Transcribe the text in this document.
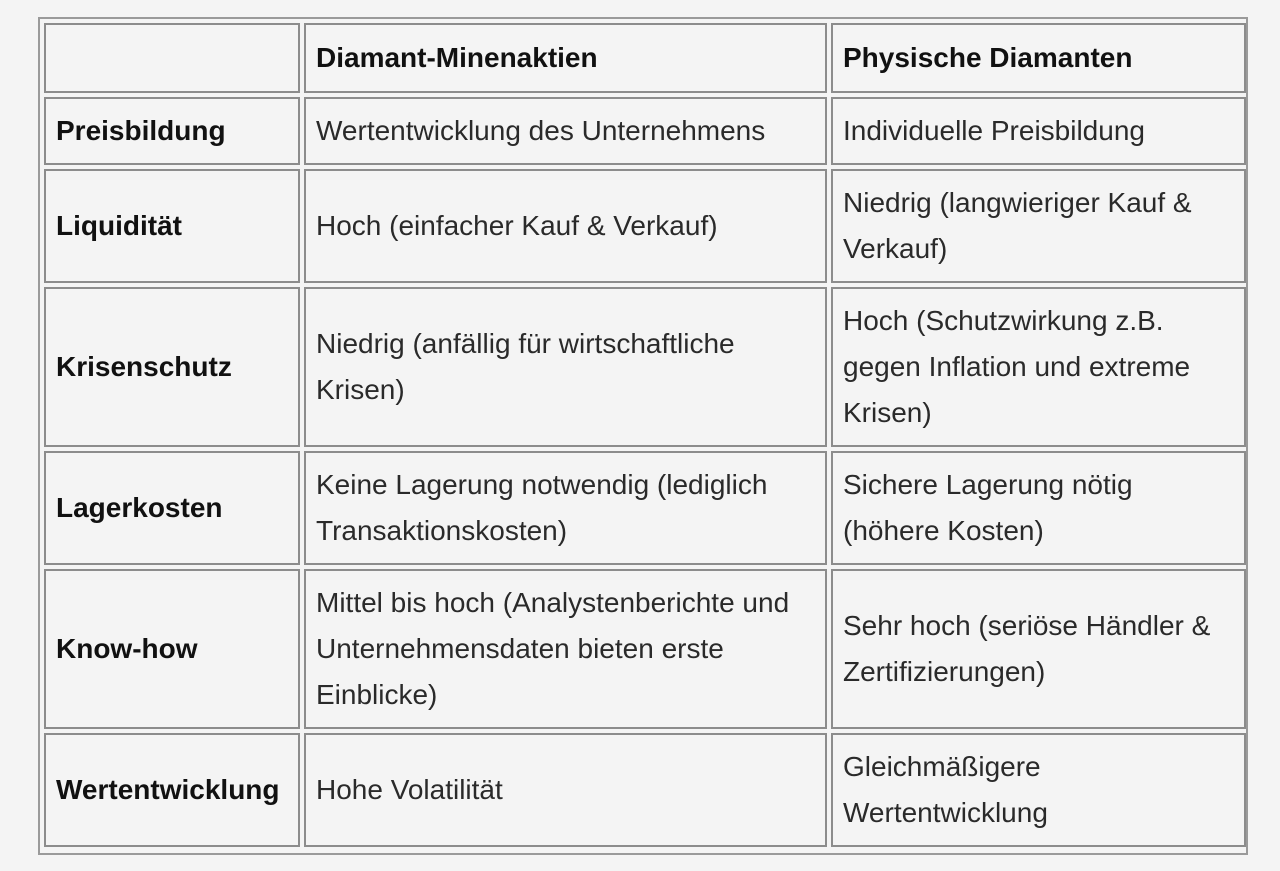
	Diamant-Minenaktien	Physische Diamanten
Preisbildung	Wertentwicklung des Unternehmens	Individuelle Preisbildung
Liquidität	Hoch (einfacher Kauf & Verkauf)	Niedrig (langwieriger Kauf & Verkauf)
Krisenschutz	Niedrig (anfällig für wirtschaftliche Krisen)	Hoch (Schutzwirkung z.B. gegen Inflation und extreme Krisen)
Lagerkosten	Keine Lagerung notwendig (lediglich Transaktionskosten)	Sichere Lagerung nötig (höhere Kosten)
Know-how	Mittel bis hoch (Analystenberichte und Unternehmensdaten bieten erste Einblicke)	Sehr hoch (seriöse Händler & Zertifizierungen)
Wertentwicklung	Hohe Volatilität	Gleichmäßigere Wertentwicklung
